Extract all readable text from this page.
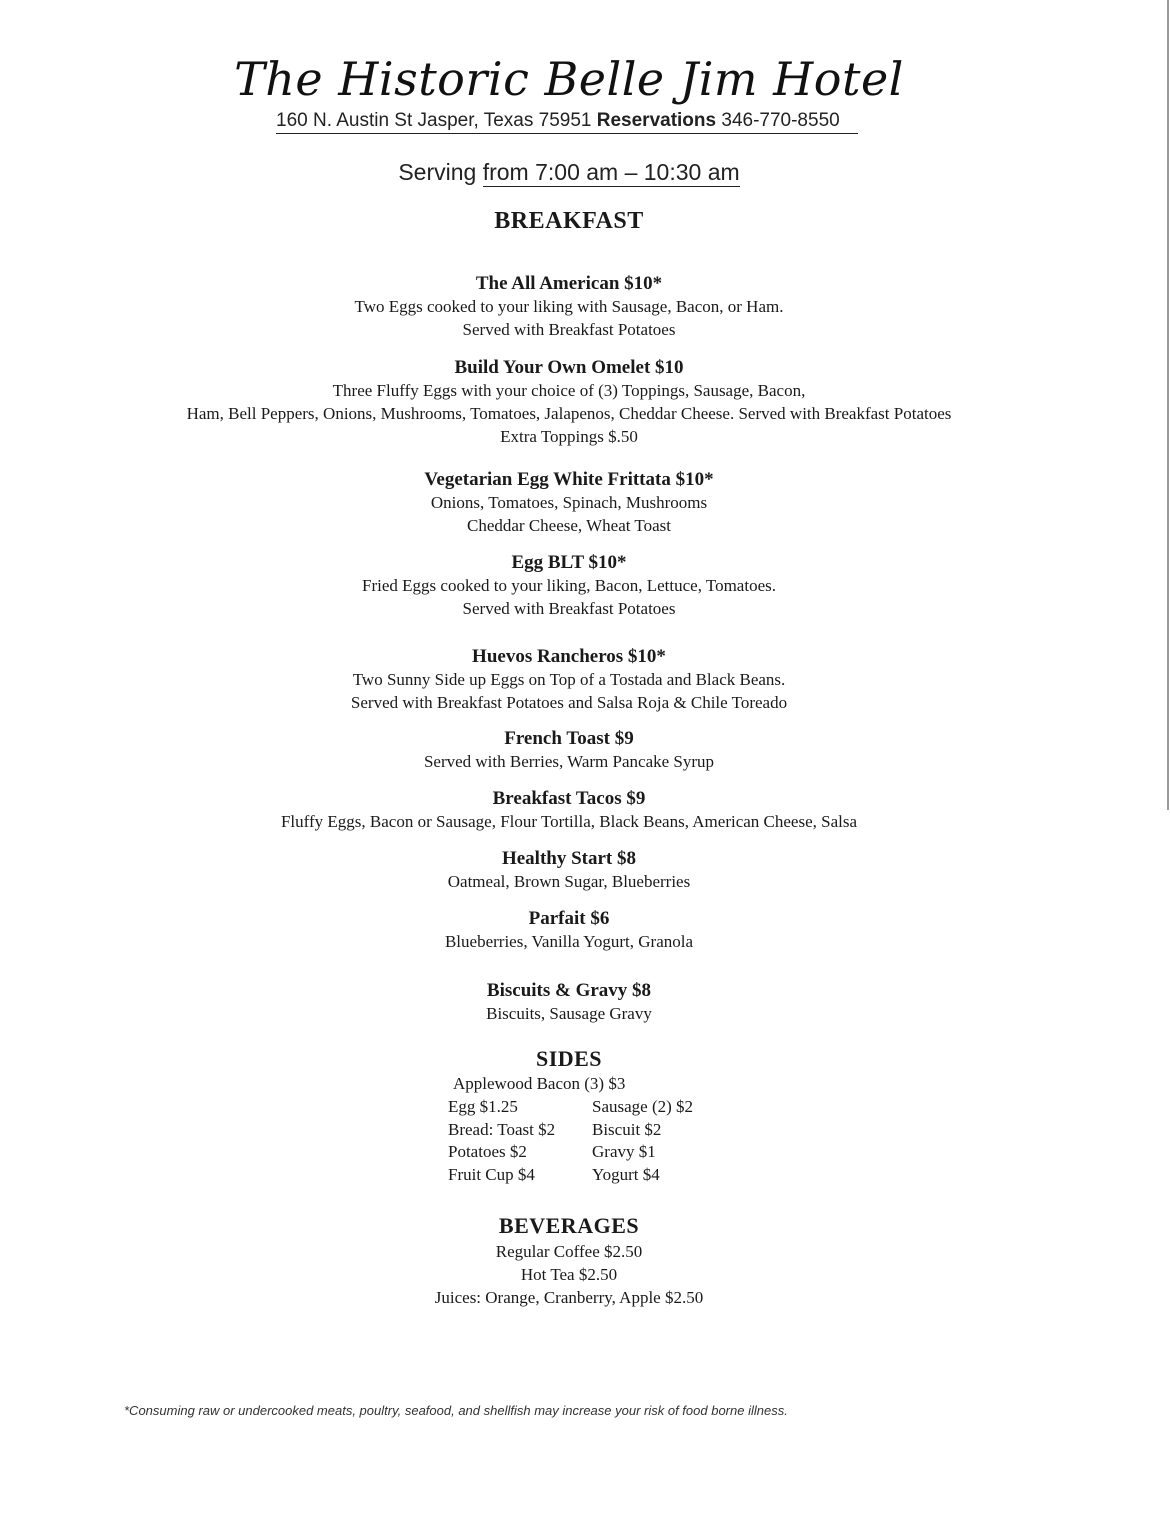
The Historic Belle Jim Hotel
160 N. Austin St Jasper, Texas 75951 Reservations 346-770-8550
Serving from 7:00 am – 10:30 am
BREAKFAST
The All American $10*
Two Eggs cooked to your liking with Sausage, Bacon, or Ham.
Served with Breakfast Potatoes
Build Your Own Omelet $10
Three Fluffy Eggs with your choice of (3) Toppings, Sausage, Bacon,
Ham, Bell Peppers, Onions, Mushrooms, Tomatoes, Jalapenos, Cheddar Cheese. Served with Breakfast Potatoes
Extra Toppings $.50
Vegetarian Egg White Frittata $10*
Onions, Tomatoes, Spinach, Mushrooms
Cheddar Cheese, Wheat Toast
Egg BLT $10*
Fried Eggs cooked to your liking, Bacon, Lettuce, Tomatoes.
Served with Breakfast Potatoes
Huevos Rancheros $10*
Two Sunny Side up Eggs on Top of a Tostada and Black Beans.
Served with Breakfast Potatoes and Salsa Roja & Chile Toreado
French Toast $9
Served with Berries, Warm Pancake Syrup
Breakfast Tacos $9
Fluffy Eggs, Bacon or Sausage, Flour Tortilla, Black Beans, American Cheese, Salsa
Healthy Start $8
Oatmeal, Brown Sugar, Blueberries
Parfait $6
Blueberries, Vanilla Yogurt, Granola
Biscuits & Gravy $8
Biscuits, Sausage Gravy
SIDES
Applewood Bacon (3) $3
Egg $1.25
Bread: Toast $2
Potatoes $2
Fruit Cup $4
Sausage (2) $2
Biscuit $2
Gravy $1
Yogurt $4
BEVERAGES
Regular Coffee $2.50
Hot Tea $2.50
Juices: Orange, Cranberry, Apple $2.50
*Consuming raw or undercooked meats, poultry, seafood, and shellfish may increase your risk of food borne illness.
